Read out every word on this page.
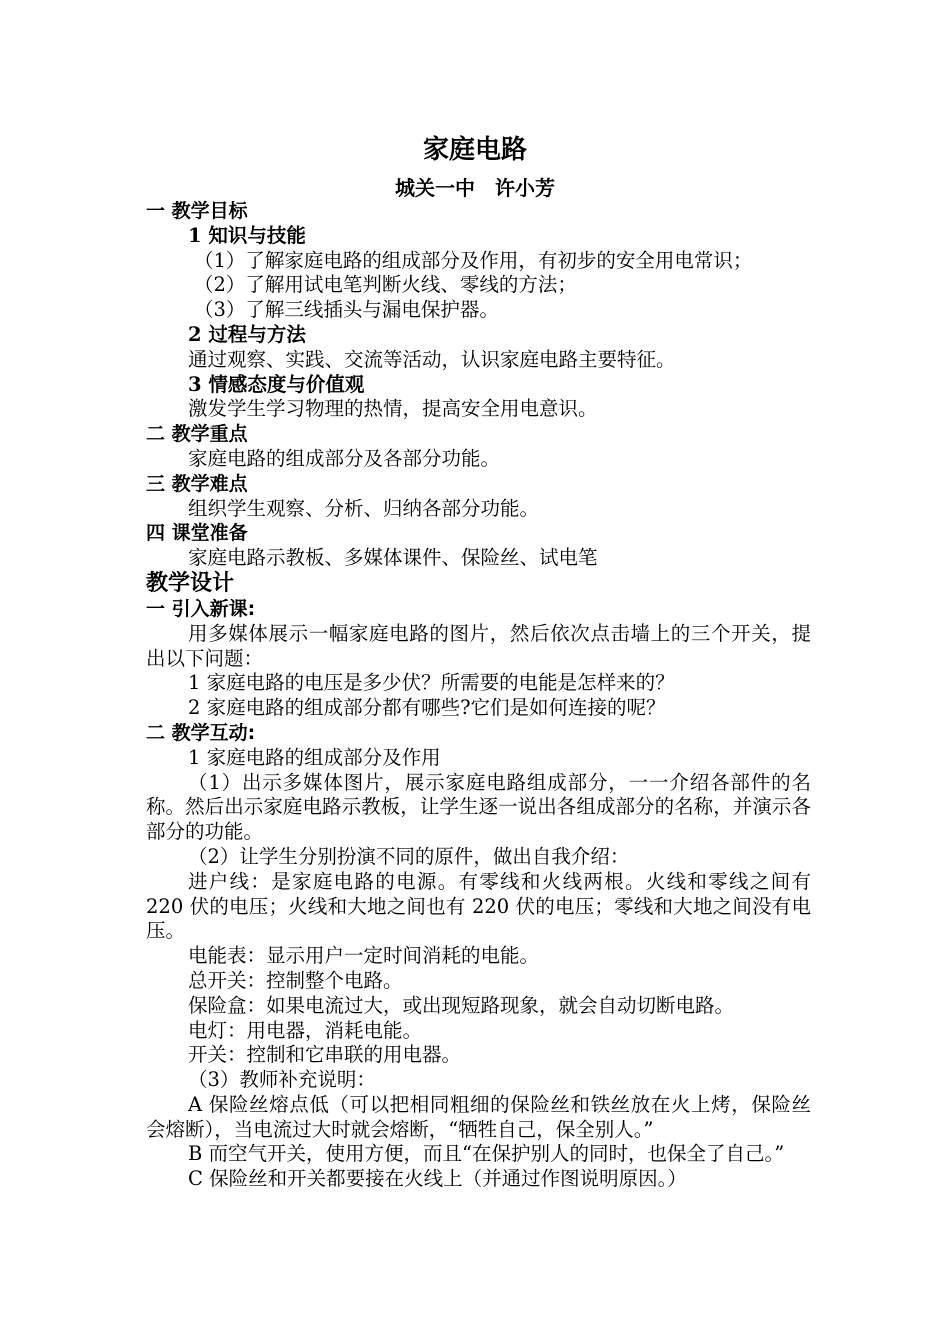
家庭电路
城关一中　许小芳

一 教学目标

1 知识与技能

（1）了解家庭电路的组成部分及作用，有初步的安全用电常识；

（2）了解用试电笔判断火线、零线的方法；

（3）了解三线插头与漏电保护器。

2 过程与方法

通过观察、实践、交流等活动，认识家庭电路主要特征。

3 情感态度与价值观

激发学生学习物理的热情，提高安全用电意识。

二 教学重点

家庭电路的组成部分及各部分功能。

三 教学难点

组织学生观察、分析、归纳各部分功能。

四 课堂准备

家庭电路示教板、多媒体课件、保险丝、试电笔

教学设计

一 引入新课:

用多媒体展示一幅家庭电路的图片，然后依次点击墙上的三个开关，提出以下问题：

1 家庭电路的电压是多少伏？所需要的电能是怎样来的？

2 家庭电路的组成部分都有哪些?它们是如何连接的呢？

二 教学互动:

1 家庭电路的组成部分及作用

（1）出示多媒体图片，展示家庭电路组成部分，一一介绍各部件的名称。然后出示家庭电路示教板，让学生逐一说出各组成部分的名称，并演示各部分的功能。

（2）让学生分别扮演不同的原件，做出自我介绍：

进户线：是家庭电路的电源。有零线和火线两根。火线和零线之间有 220 伏的电压；火线和大地之间也有 220 伏的电压；零线和大地之间没有电压。

电能表：显示用户一定时间消耗的电能。

总开关：控制整个电路。

保险盒：如果电流过大，或出现短路现象，就会自动切断电路。

电灯：用电器，消耗电能。

开关：控制和它串联的用电器。

（3）教师补充说明：

A 保险丝熔点低（可以把相同粗细的保险丝和铁丝放在火上烤，保险丝会熔断），当电流过大时就会熔断，“牺牲自己，保全别人。”

B 而空气开关，使用方便，而且“在保护别人的同时，也保全了自己。”

C 保险丝和开关都要接在火线上（并通过作图说明原因。）
